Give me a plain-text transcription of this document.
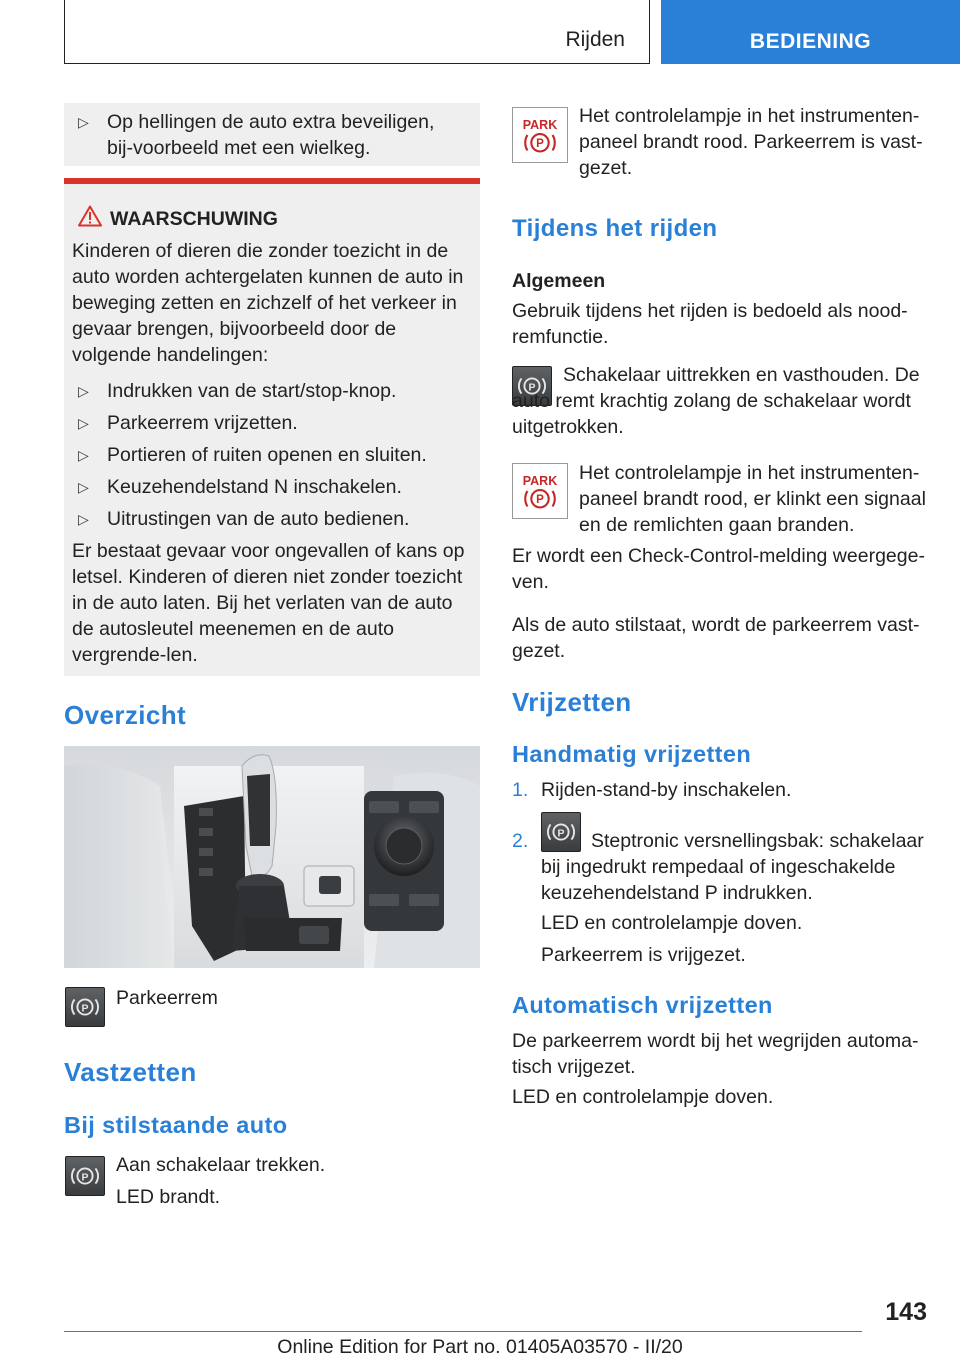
Rijden	BEDIENING
▷ Op hellingen de auto extra beveiligen, bij-voorbeeld met een wielkeg.
WAARSCHUWING
Kinderen of dieren die zonder toezicht in de auto worden achtergelaten kunnen de auto in beweging zetten en zichzelf of het verkeer in gevaar brengen, bijvoorbeeld door de volgende handelingen:
▷ Indrukken van de start/stop-knop.
▷ Parkeerrem vrijzetten.
▷ Portieren of ruiten openen en sluiten.
▷ Keuzehendelstand N inschakelen.
▷ Uitrustingen van de auto bedienen.
Er bestaat gevaar voor ongevallen of kans op letsel. Kinderen of dieren niet zonder toezicht in de auto laten. Bij het verlaten van de auto de autosleutel meenemen en de auto vergrende-len.
Overzicht
P Parkeerrem
Vastzetten
Bij stilstaande auto
P
Aan schakelaar trekken.
LED brandt.
PARK
P
Het controlelampje in het instrumenten-paneel brandt rood. Parkeerrem is vast-gezet.
Tijdens het rijden
Algemeen
Gebruik tijdens het rijden is bedoeld als nood-remfunctie.
P
Schakelaar uittrekken en vasthouden. De auto remt krachtig zolang de schakelaar wordt uitgetrokken.
PARK
P
Het controlelampje in het instrumenten-paneel brandt rood, er klinkt een signaal en de remlichten gaan branden.
Er wordt een Check-Control-melding weergege-ven.
Als de auto stilstaat, wordt de parkeerrem vast-gezet.
Vrijzetten
Handmatig vrijzetten
1. Rijden-stand-by inschakelen.
2.	P	Steptronic versnellingsbak: schakelaar bij ingedrukt rempedaal of ingeschakelde keuzehendelstand P indrukken.
LED en controlelampje doven.
Parkeerrem is vrijgezet.
Automatisch vrijzetten
De parkeerrem wordt bij het wegrijden automa-tisch vrijgezet.
LED en controlelampje doven.
143
Online Edition for Part no. 01405A03570 - II/20
